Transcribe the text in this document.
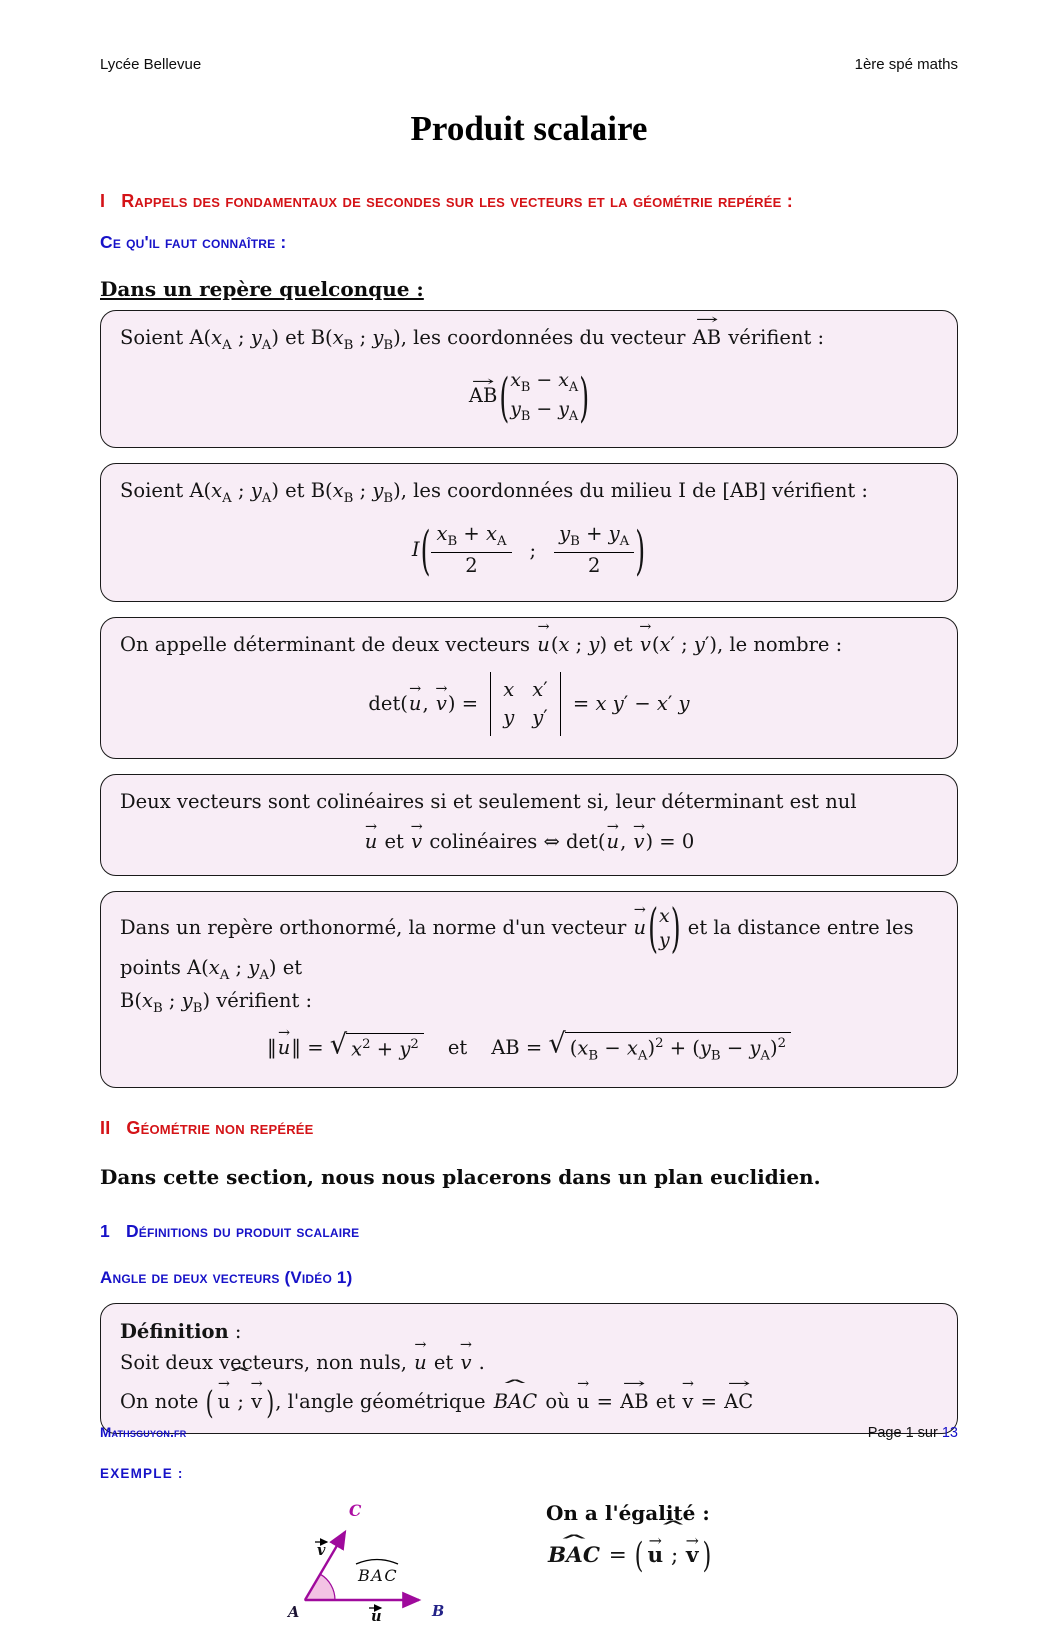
Lycée Bellevue	1ère spé maths
Produit scalaire
I Rappels des fondamentaux de secondes sur les vecteurs et la géométrie repérée :
Ce qu'il faut connaître :
Dans un repère quelconque :
Soient $A(x_A$ ; $y_A$) et $B(x_B$ ; $y_B$), les coordonnées du vecteur → AB vérifient :
→ AB( $x_B - x_A$
$y_B - y_A$ )
Soient $A(x_A$ ; $y_A$) et $B(x_B$ ; $y_B$), les coordonnées du milieu I de [AB] vérifient :
$I( \frac{x_B + x_A}{2}$ ; $\frac{y_B + y_A}{2}$ )
On appelle déterminant de deux vecteurs → u(x ; y) et → v(x′ ; y′), le nombre :
det(→ u, → v) =
x x′
y y′
= x y′ − x′ y
Deux vecteurs sont colinéaires si et seulement si, leur déterminant est nul
→ u et → v colinéaires ⇔ det(→ u, → v) = 0
Dans un repère orthonormé, la norme d'un vecteur → u( x
y ) et la distance entre les points $A(x_A$ ; $y_A$) et
$B(x_B$ ; $y_B$) vérifient :
‖→ u‖ = √ $x^2 + y^2$ et AB = √ $(x_B - x_A)^2 + (y_B - y_A)^2$
II Géométrie non repérée
Dans cette section, nous nous placerons dans un plan euclidien.
1 Définitions du produit scalaire
Angle de deux vecteurs (Vidéo 1)
Définition :
Soit deux vecteurs, non nuls, → u et → v .
On note ( ˆ → u ; → v ), l'angle géométrique ˆ BAC où → u = → AB et → v = → AC
EXEMPLE :
A	B
C
u
v
BAC
On a l'égalité :
ˆ BAC = ( ˆ → u ; → v )
Mathsguyon.fr	Page 1 sur 13
